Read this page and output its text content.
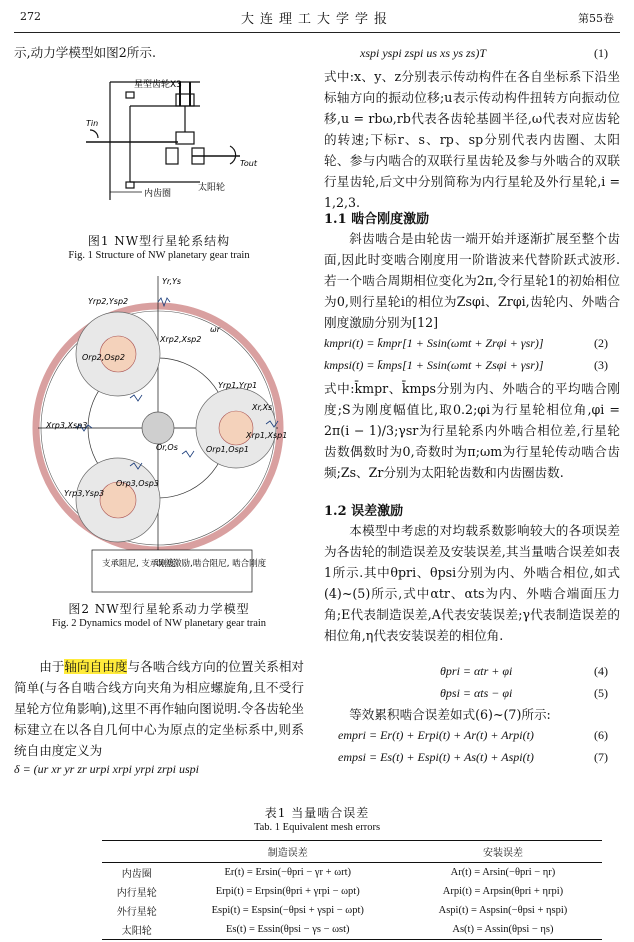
272	大连理工大学学报	第55卷
示,动力学模型如图2所示.
星型齿轮X3
Tin
Tout
内齿圈
太阳轮
图1 NW型行星轮系结构
Fig. 1 Structure of NW planetary gear train
Yr,Ys
Yrp2,Ysp2
Orp2,Osp2
Xrp2,Xsp2
ωr
Yrp1,Yrp1
Xr,Xs
Xrp1,Xsp1
Orp1,Osp1
Or,Os
Xrp3,Xsp3
Orp3,Osp3
Yrp3,Ysp3
支承阻尼, 支承刚度
误差激励,啮合阻尼, 啮合刚度
图2 NW型行星轮系动力学模型
Fig. 2 Dynamics model of NW planetary gear train
由于轴向自由度与各啮合线方向的位置关系相对简单(与各自啮合线方向夹角为相应螺旋角,且不受行星轮方位角影响),这里不再作轴向图说明.令各齿轮坐标建立在以各自几何中心为原点的定坐标系中,则系统自由度定义为
δ = (ur xr yr zr urpi xrpi yrpi zrpi uspi
xspi yspi zspi us xs ys zs)T	(1)
式中:x、y、z分别表示传动构件在各自坐标系下沿坐标轴方向的振动位移;u表示传动构件扭转方向振动位移,u = rbω,rb代表各齿轮基圆半径,ω代表对应齿轮的转速;下标r、s、rp、sp分别代表内齿圈、太阳轮、参与内啮合的双联行星齿轮及参与外啮合的双联行星齿轮,后文中分别简称为内行星轮及外行星轮,i = 1,2,3.
1.1 啮合刚度激励
斜齿啮合是由轮齿一端开始并逐渐扩展至整个齿面,因此时变啮合刚度用一阶谐波来代替阶跃式波形.若一个啮合周期相位变化为2π,令行星轮1的初始相位为0,则行星轮i的相位为Zsφi、Zrφi,齿轮内、外啮合刚度激励分别为[12]
kmpri(t) = k̄mpr[1 + Ssin(ωmt + Zrφi + γsr)]	(2)
kmpsi(t) = k̄mps[1 + Ssin(ωmt + Zsφi + γsr)]	(3)
式中:k̄mpr、k̄mps分别为内、外啮合的平均啮合刚度;S为刚度幅值比,取0.2;φi为行星轮相位角,φi = 2π(i − 1)/3;γsr为行星轮系内外啮合相位差,行星轮齿数偶数时为0,奇数时为π;ωm为行星轮传动啮合齿频;Zs、Zr分别为太阳轮齿数和内齿圈齿数.
1.2 误差激励
本模型中考虑的对均载系数影响较大的各项误差为各齿轮的制造误差及安装误差,其当量啮合误差如表1所示.其中θpri、θpsi分别为内、外啮合相位,如式(4)~(5)所示,式中αtr、αts为内、外啮合端面压力角;E代表制造误差,A代表安装误差;γ代表制造误差的相位角,η代表安装误差的相位角.
θpri = αtr + φi	(4)
θpsi = αts − φi	(5)
等效累积啮合误差如式(6)~(7)所示:
empri = Er(t) + Erpi(t) + Ar(t) + Arpi(t)	(6)
empsi = Es(t) + Espi(t) + As(t) + Aspi(t)	(7)
表1 当量啮合误差
Tab. 1 Equivalent mesh errors
	制造误差	安装误差
内齿圈	Er(t) = Ersin(−θpri − γr + ωrt)	Ar(t) = Arsin(−θpri − ηr)
内行星轮	Erpi(t) = Erpsin(θpri + γrpi − ωpt)	Arpi(t) = Arpsin(θpri + ηrpi)
外行星轮	Espi(t) = Espsin(−θpsi + γspi − ωpt)	Aspi(t) = Aspsin(−θpsi + ηspi)
太阳轮	Es(t) = Essin(θpsi − γs − ωst)	As(t) = Assin(θpsi − ηs)
